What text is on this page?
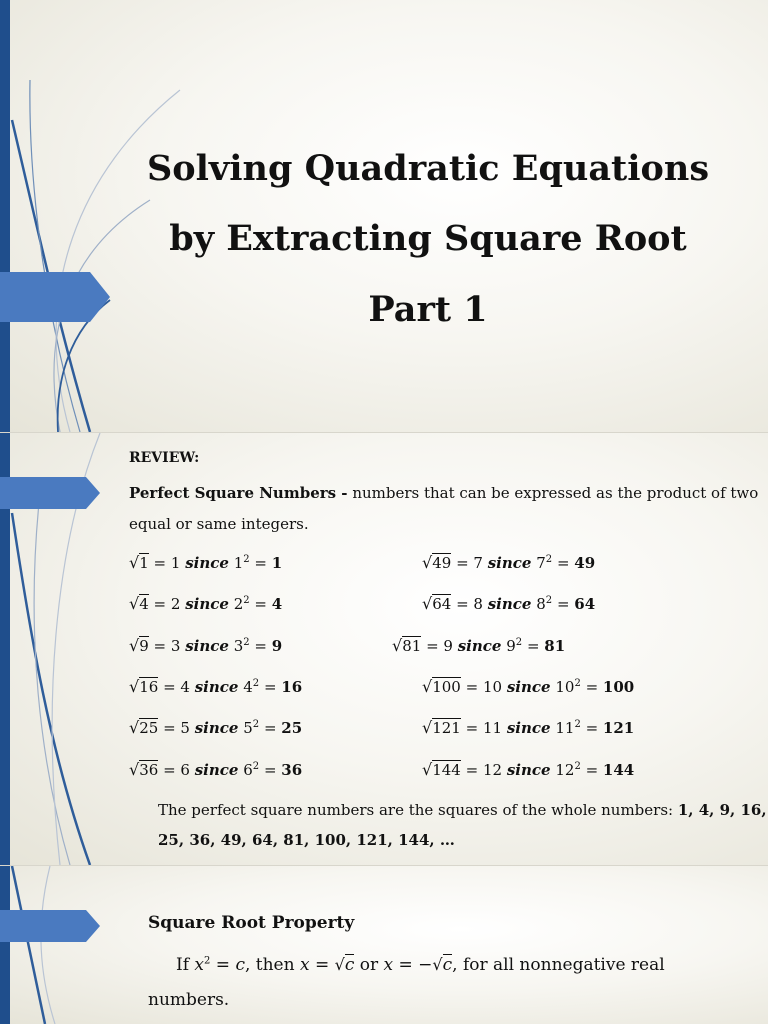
Solving Quadratic Equations
by Extracting Square Root
Part 1
REVIEW:
Perfect Square Numbers - numbers that can be expressed as the product of two
equal or same integers.
√1 = 1 since $1^2 = 1$
√4 = 2 since $2^2 = 4$
√9 = 3 since $3^2 = 9$
√16 = 4 since $4^2 = 16$
√25 = 5 since $5^2 = 25$
√36 = 6 since $6^2 = 36$
√49 = 7 since $7^2 = 49$
√64 = 8 since $8^2 = 64$
√81 = 9 since $9^2 = 81$
√100 = 10 since $10^2 = 100$
√121 = 11 since $11^2 = 121$
√144 = 12 since $12^2 = 144$
The perfect square numbers are the squares of the whole numbers: 1, 4, 9, 16,
25, 36, 49, 64, 81, 100, 121, 144, …
Square Root Property
If $x^2 = c$, then x = √c or x = −√c, for all nonnegative real
numbers.
